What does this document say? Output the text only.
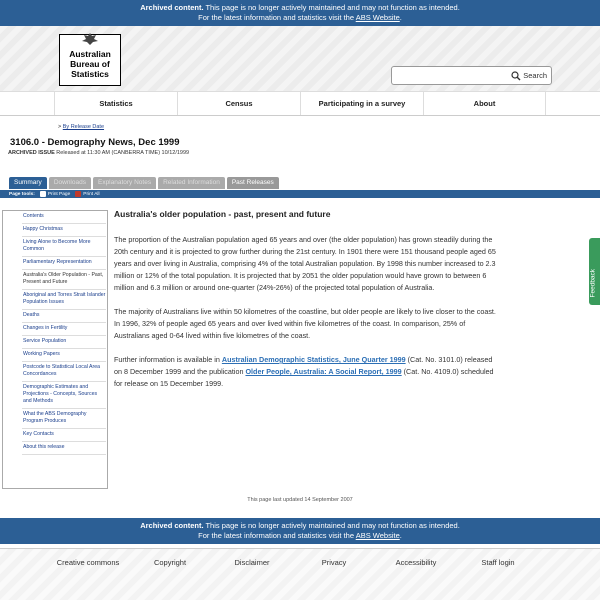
Archived content. This page is no longer actively maintained and may not function as intended.
For the latest information and statistics visit the ABS Website.
Australian
Bureau of
Statistics	Search
Statistics	Census	Participating in a survey	About
> By Release Date
3106.0 - Demography News, Dec 1999
ARCHIVED ISSUE Released at 11:30 AM (CANBERRA TIME) 10/12/1999
Summary	Downloads	Explanatory Notes	Related Information	Past Releases
Page tools:	Print Page	Print All
Contents
Happy Christmas
Living Alone to Become More Common
Parliamentary Representation
Australia's Older Population - Past, Present and Future
Aboriginal and Torres Strait Islander Population Issues
Deaths
Changes in Fertility
Service Population
Working Papers
Postcode to Statistical Local Area Concordances
Demographic Estimates and Projections - Concepts, Sources and Methods
What the ABS Demography Program Produces
Key Contacts
About this release
Australia's older population - past, present and future

The proportion of the Australian population aged 65 years and over (the older population) has grown steadily during the 20th century and it is projected to grow further during the 21st century. In 1901 there were 151 thousand people aged 65 years and over living in Australia, comprising 4% of the total Australian population. By 1998 this number increased to 2.3 million or 12% of the total population. It is projected that by 2051 the older population would have grown to between 6 million and 6.3 million or around one-quarter (24%-26%) of the projected total population of Australia.

The majority of Australians live within 50 kilometres of the coastline, but older people are likely to live closer to the coast. In 1996, 32% of people aged 65 years and over lived within five kilometres of the coast. In comparison, 25% of Australians aged 0-64 lived within five kilometres of the coast.

Further information is available in Australian Demographic Statistics, June Quarter 1999 (Cat. No. 3101.0) released on 8 December 1999 and the publication Older People, Australia: A Social Report, 1999 (Cat. No. 4109.0) scheduled for release on 15 December 1999.

Feedback
This page last updated 14 September 2007
Archived content. This page is no longer actively maintained and may not function as intended.
For the latest information and statistics visit the ABS Website.
Creative commons	Copyright	Disclaimer	Privacy	Accessibility	Staff login
